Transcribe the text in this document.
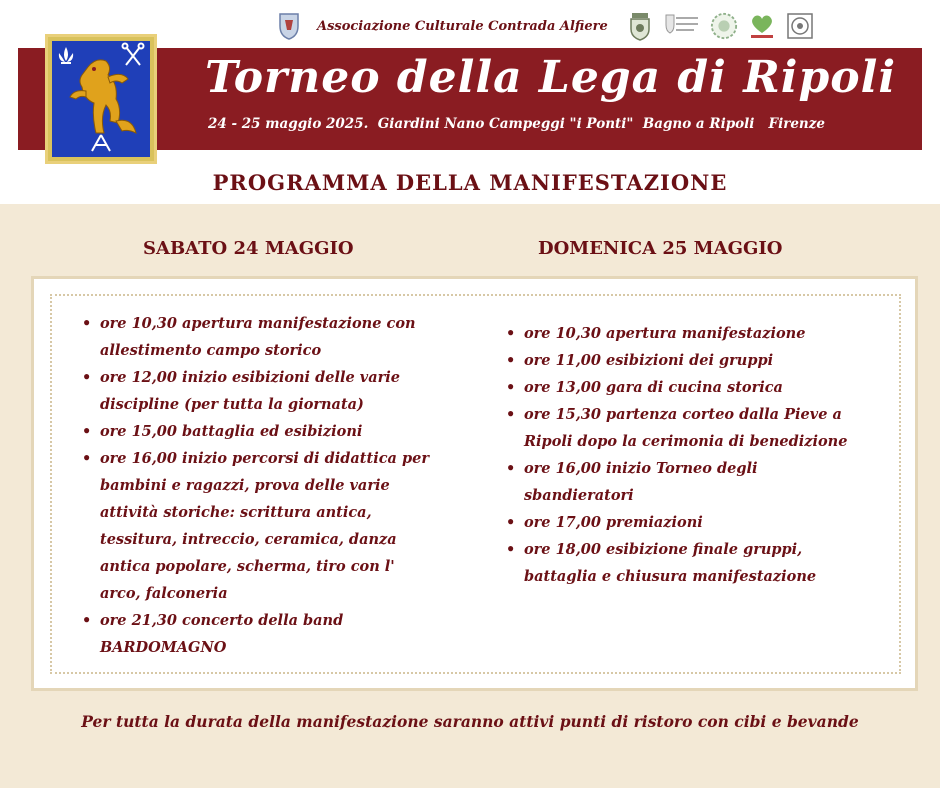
Associazione Culturale Contrada Alfiere
Torneo della Lega di Ripoli
24 - 25 maggio 2025.  Giardini Nano Campeggi "i Ponti"  Bagno a Ripoli   Firenze
PROGRAMMA DELLA MANIFESTAZIONE
SABATO 24 MAGGIO	DOMENICA 25 MAGGIO
• ore 10,30 apertura manifestazione con allestimento campo storico
• ore 12,00 inizio esibizioni delle varie discipline (per tutta la giornata)
• ore 15,00 battaglia ed esibizioni
• ore 16,00 inizio percorsi di didattica per bambini e ragazzi, prova delle varie attività storiche: scrittura antica, tessitura, intreccio, ceramica, danza antica popolare, scherma, tiro con l' arco, falconeria
• ore 21,30 concerto della band BARDOMAGNO
• ore 10,30 apertura manifestazione
• ore 11,00 esibizioni dei gruppi
• ore 13,00 gara di cucina storica
• ore 15,30 partenza corteo dalla Pieve a Ripoli dopo la cerimonia di benedizione
• ore 16,00 inizio Torneo degli sbandieratori
• ore 17,00 premiazioni
• ore 18,00 esibizione finale gruppi, battaglia e chiusura manifestazione
Per tutta la durata della manifestazione saranno attivi punti di ristoro con cibi e bevande
